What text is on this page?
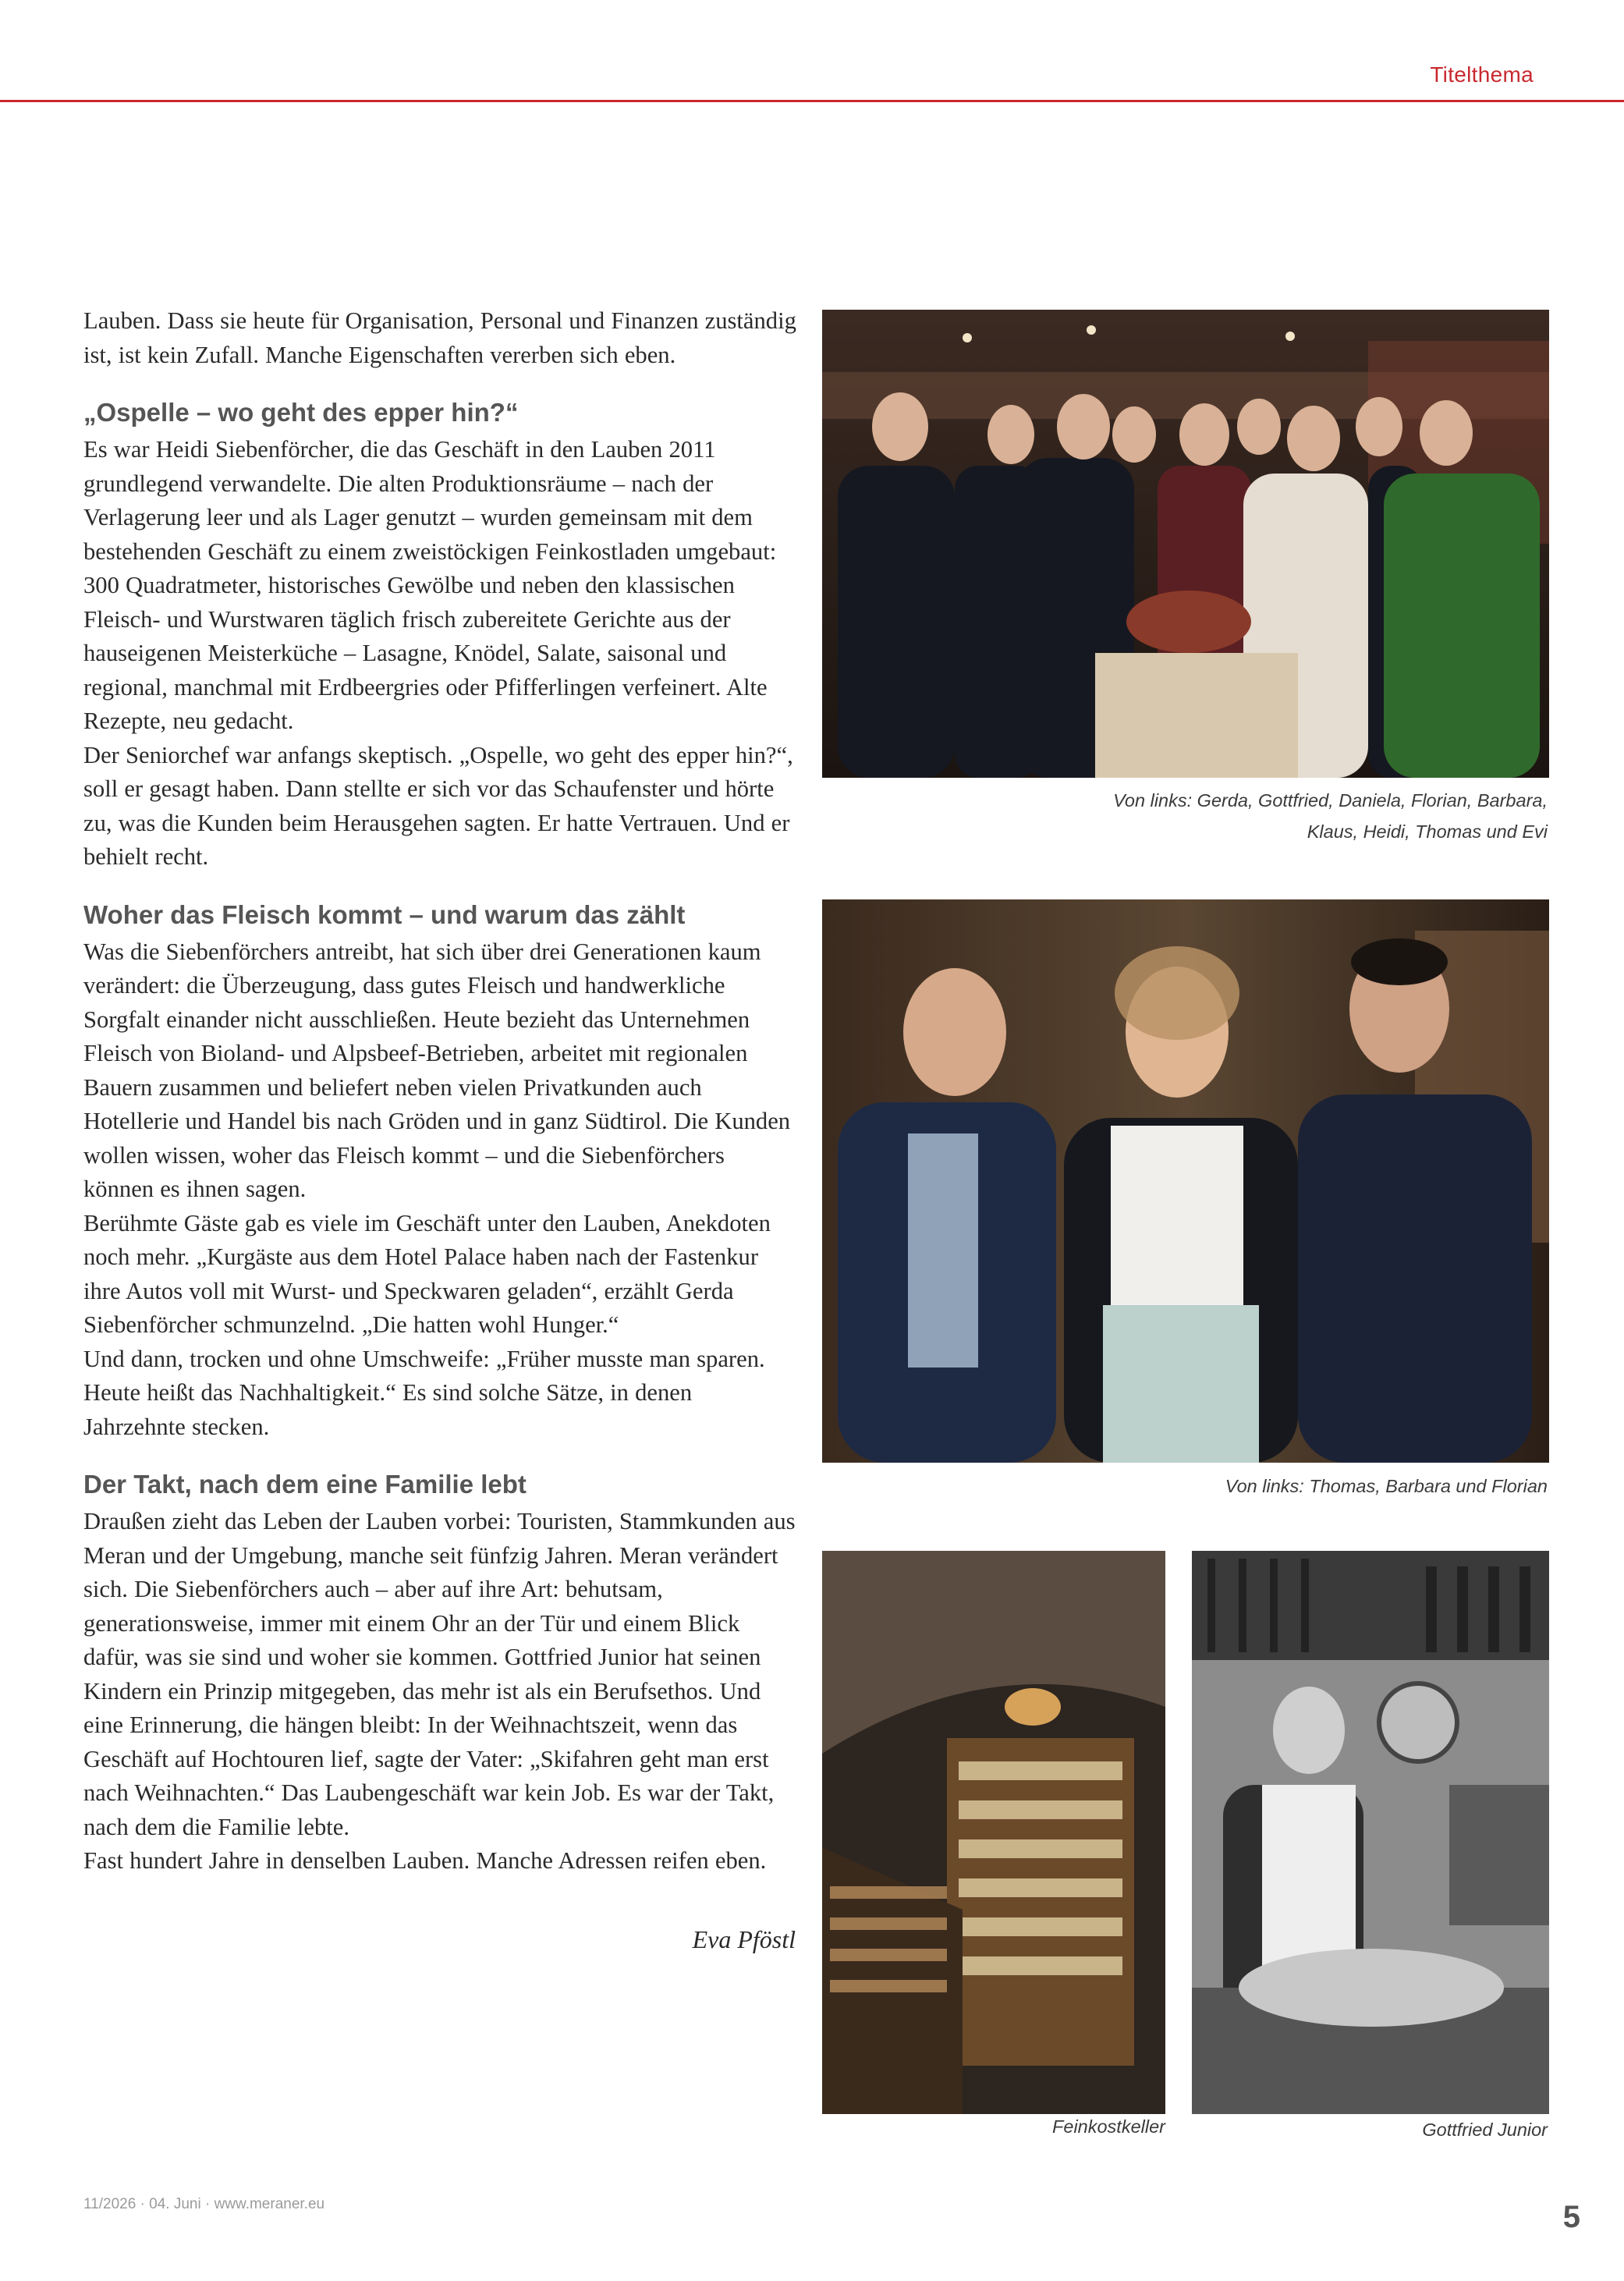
Titelthema

Lauben. Dass sie heute für Organisation, Personal und Finanzen zuständig ist, ist kein Zufall. Manche Eigenschaften vererben sich eben.

„Ospelle – wo geht des epper hin?“

Es war Heidi Siebenförcher, die das Geschäft in den Lauben 2011 grundlegend verwandelte. Die alten Produktionsräume – nach der Verlagerung leer und als Lager genutzt – wurden gemeinsam mit dem bestehenden Geschäft zu einem zweistöckigen Feinkostladen umgebaut: 300 Quadratmeter, historisches Gewölbe und neben den klassischen Fleisch- und Wurstwaren täglich frisch zubereitete Gerichte aus der hauseigenen Meisterküche – Lasagne, Knödel, Salate, saisonal und regional, manchmal mit Erdbeergries oder Pfifferlingen verfeinert. Alte Rezepte, neu gedacht.

Der Seniorchef war anfangs skeptisch. „Ospelle, wo geht des epper hin?“, soll er gesagt haben. Dann stellte er sich vor das Schaufenster und hörte zu, was die Kunden beim Herausgehen sagten. Er hatte Vertrauen. Und er behielt recht.

Woher das Fleisch kommt – und warum das zählt

Was die Siebenförchers antreibt, hat sich über drei Generationen kaum verändert: die Überzeugung, dass gutes Fleisch und handwerkliche Sorgfalt einander nicht ausschließen. Heute bezieht das Unternehmen Fleisch von Bioland- und Alpsbeef-Betrieben, arbeitet mit regionalen Bauern zusammen und beliefert neben vielen Privatkunden auch Hotellerie und Handel bis nach Gröden und in ganz Südtirol. Die Kunden wollen wissen, woher das Fleisch kommt – und die Siebenförchers können es ihnen sagen.

Berühmte Gäste gab es viele im Geschäft unter den Lauben, Anekdoten noch mehr. „Kurgäste aus dem Hotel Palace haben nach der Fastenkur ihre Autos voll mit Wurst- und Speckwaren geladen“, erzählt Gerda Siebenförcher schmunzelnd. „Die hatten wohl Hunger.“

Und dann, trocken und ohne Umschweife: „Früher musste man sparen. Heute heißt das Nachhaltigkeit.“ Es sind solche Sätze, in denen Jahrzehnte stecken.

Der Takt, nach dem eine Familie lebt

Draußen zieht das Leben der Lauben vorbei: Touristen, Stammkunden aus Meran und der Umgebung, manche seit fünfzig Jahren. Meran verändert sich. Die Siebenförchers auch – aber auf ihre Art: behutsam, generationsweise, immer mit einem Ohr an der Tür und einem Blick dafür, was sie sind und woher sie kommen. Gottfried Junior hat seinen Kindern ein Prinzip mitgegeben, das mehr ist als ein Berufsethos. Und eine Erinnerung, die hängen bleibt: In der Weihnachtszeit, wenn das Geschäft auf Hochtouren lief, sagte der Vater: „Skifahren geht man erst nach Weihnachten.“ Das Laubengeschäft war kein Job. Es war der Takt, nach dem die Familie lebte.

Fast hundert Jahre in denselben Lauben. Manche Adressen reifen eben.

Eva Pföstl
Von links: Gerda, Gottfried, Daniela, Florian, Barbara,
Klaus, Heidi, Thomas und Evi
Von links: Thomas, Barbara und Florian
Feinkostkeller	Gottfried Junior
11/2026 · 04. Juni · www.meraner.eu	5
